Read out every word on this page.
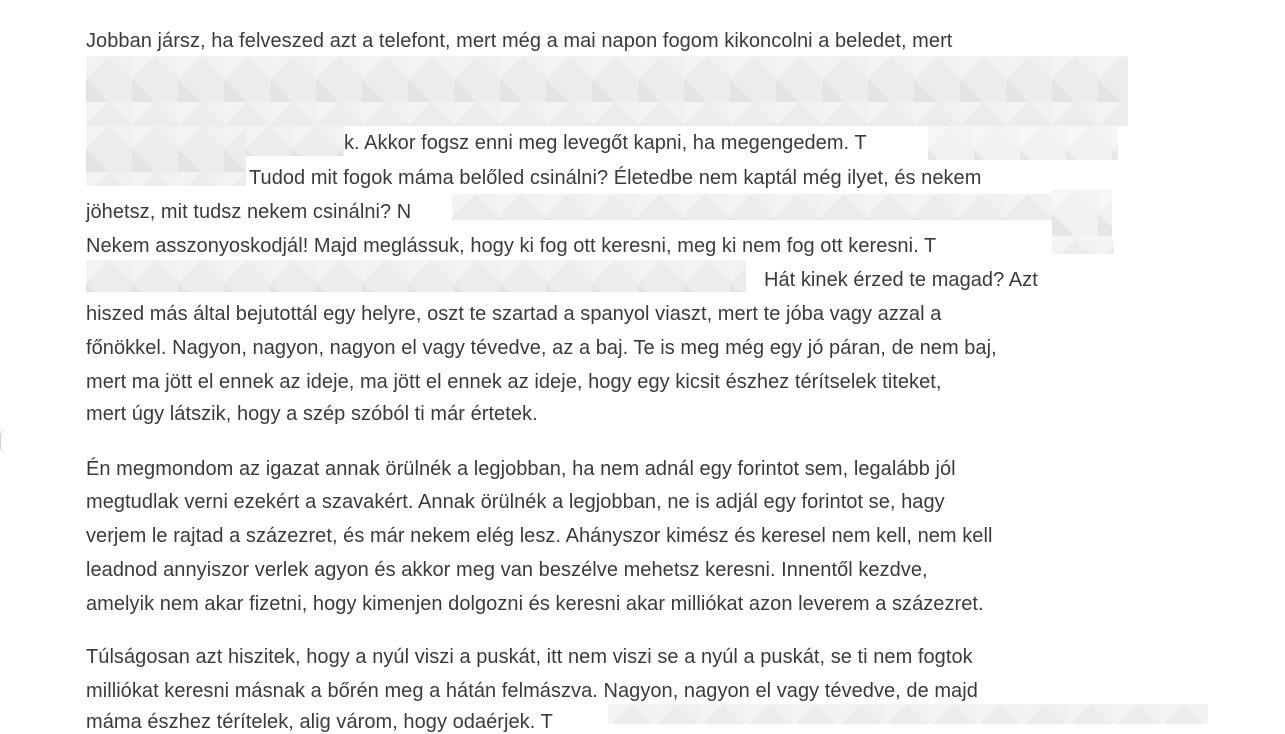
Jobban jársz, ha felveszed azt a telefont, mert még a mai napon fogom kikoncolni a beledet, mert
k. Akkor fogsz enni meg levegőt kapni, ha megengedem. T
Tudod mit fogok máma belőled csinálni? Életedbe nem kaptál még ilyet, és nekem
jöhetsz, mit tudsz nekem csinálni? N
Nekem asszonyoskodjál! Majd meglássuk, hogy ki fog ott keresni, meg ki nem fog ott keresni. T
Hát kinek érzed te magad? Azt
hiszed más által bejutottál egy helyre, oszt te szartad a spanyol viaszt, mert te jóba vagy azzal a
főnökkel. Nagyon, nagyon, nagyon el vagy tévedve, az a baj. Te is meg még egy jó páran, de nem baj,
mert ma jött el ennek az ideje, ma jött el ennek az ideje, hogy egy kicsit észhez térítselek titeket,
mert úgy látszik, hogy a szép szóból ti már értetek.
Én megmondom az igazat annak örülnék a legjobban, ha nem adnál egy forintot sem, legalább jól
megtudlak verni ezekért a szavakért. Annak örülnék a legjobban, ne is adjál egy forintot se, hagy
verjem le rajtad a százezret, és már nekem elég lesz. Ahányszor kimész és keresel nem kell, nem kell
leadnod annyiszor verlek agyon és akkor meg van beszélve mehetsz keresni. Innentől kezdve,
amelyik nem akar fizetni, hogy kimenjen dolgozni és keresni akar milliókat azon leverem a százezret.
Túlságosan azt hiszitek, hogy a nyúl viszi a puskát, itt nem viszi se a nyúl a puskát, se ti nem fogtok
milliókat keresni másnak a bőrén meg a hátán felmászva. Nagyon, nagyon el vagy tévedve, de majd
máma észhez térítelek, alig várom, hogy odaérjek. T
